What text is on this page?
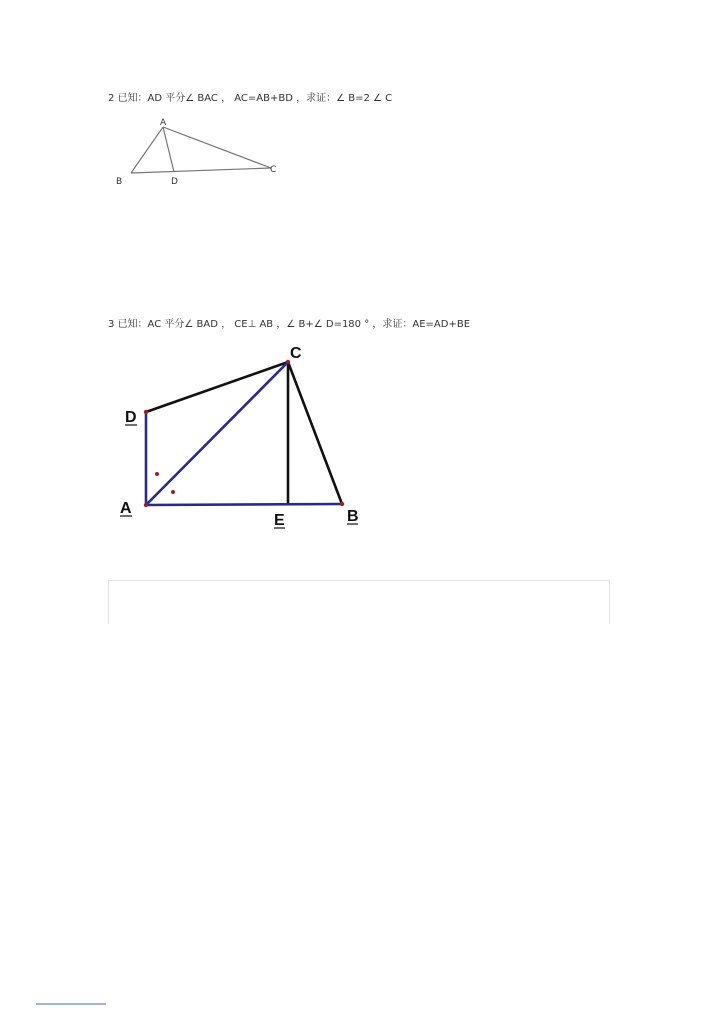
2 已知：AD 平分∠ BAC ， AC=AB+BD ，求证：∠ B=2 ∠ C
A
B	D
C
C
D
A
E	B
3 已知：AC 平分∠ BAD ， CE⊥ AB ，∠ B+∠ D=180 ° ，求证：AE=AD+BE
